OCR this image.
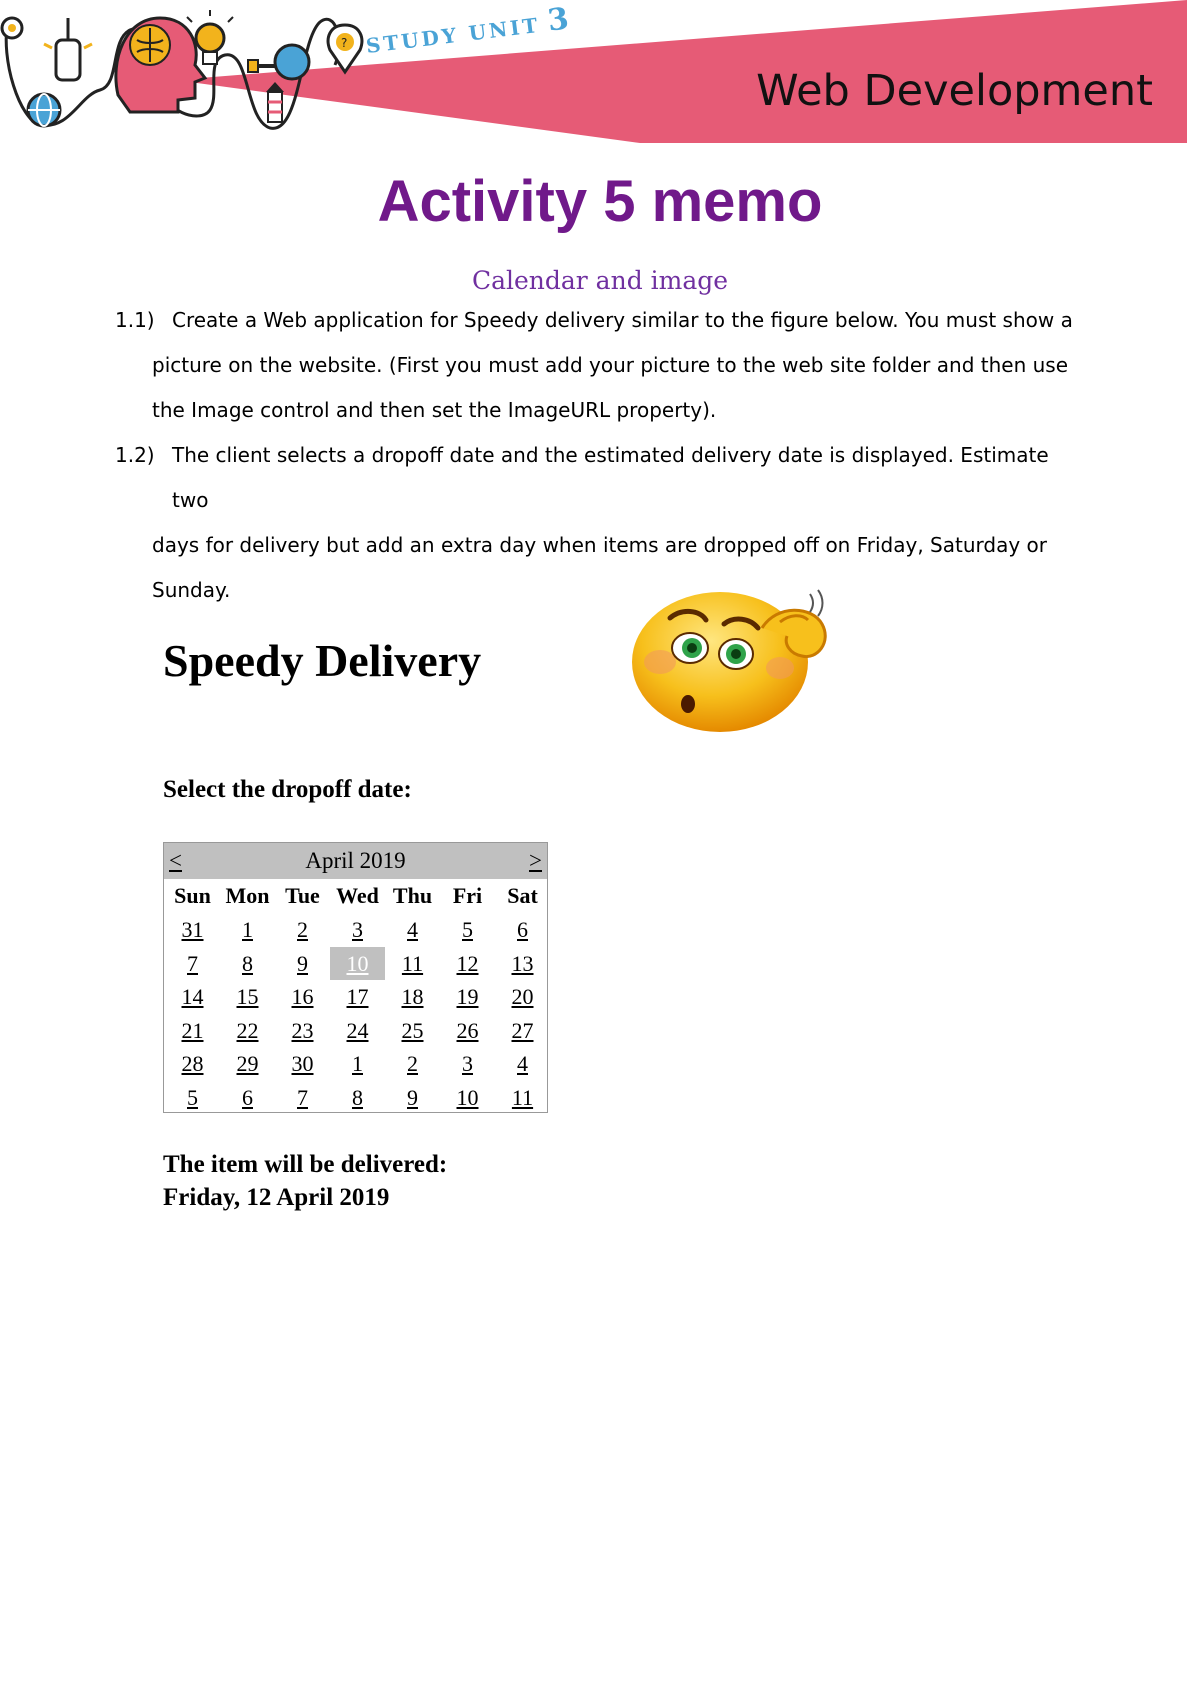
? STUDY UNIT 3
Web Development
Activity 5 memo
Calendar and image
1.1) Create a Web application for Speedy delivery similar to the figure below. You must show a
picture on the website. (First you must add your picture to the web site folder and then use
the Image control and then set the ImageURL property).
1.2) The client selects a dropoff date and the estimated delivery date is displayed. Estimate two
days for delivery but add an extra day when items are dropped off on Friday, Saturday or
Sunday.
Speedy Delivery
Select the dropoff date:
<	April 2019	>
Sun Mon Tue Wed Thu Fri	Sat
31	1	2	3	4	5	6
7	8	9	10	11	12	13
14	15	16	17	18	19	20
21	22	23	24	25	26	27
28	29	30	1	2	3	4
5	6	7	8	9	10	11
The item will be delivered:
Friday, 12 April 2019
